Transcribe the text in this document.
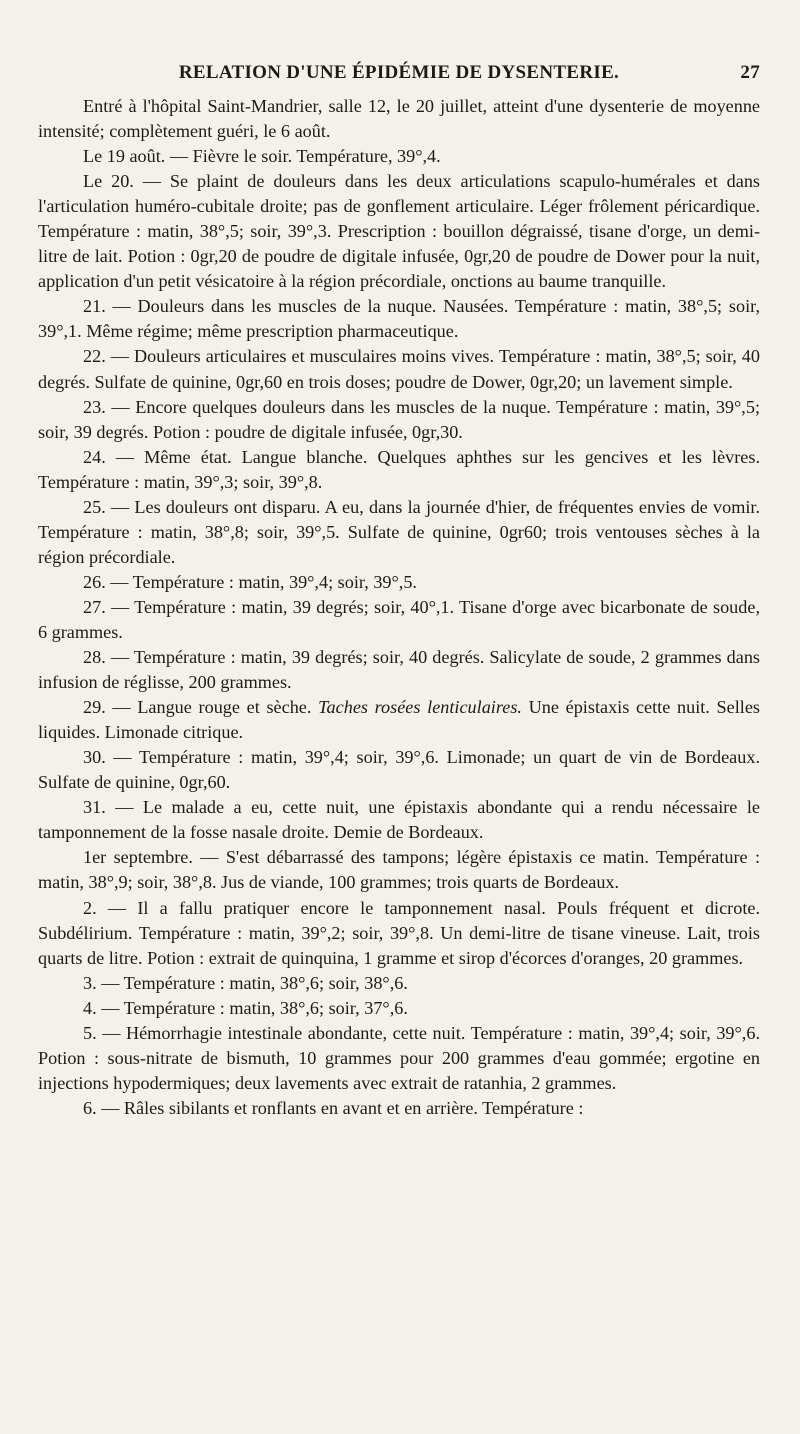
RELATION D'UNE ÉPIDÉMIE DE DYSENTERIE.	27

Entré à l'hôpital Saint-Mandrier, salle 12, le 20 juillet, atteint d'une dysenterie de moyenne intensité; complètement guéri, le 6 août.

Le 19 août. — Fièvre le soir. Température, 39°,4.

Le 20. — Se plaint de douleurs dans les deux articulations scapulo-humérales et dans l'articulation huméro-cubitale droite; pas de gonflement articulaire. Léger frôlement péricardique. Température : matin, 38°,5; soir, 39°,3. Prescription : bouillon dégraissé, tisane d'orge, un demi-litre de lait. Potion : 0gr,20 de poudre de digitale infusée, 0gr,20 de poudre de Dower pour la nuit, application d'un petit vésicatoire à la région précordiale, onctions au baume tranquille.

21. — Douleurs dans les muscles de la nuque. Nausées. Température : matin, 38°,5; soir, 39°,1. Même régime; même prescription pharmaceutique.

22. — Douleurs articulaires et musculaires moins vives. Température : matin, 38°,5; soir, 40 degrés. Sulfate de quinine, 0gr,60 en trois doses; poudre de Dower, 0gr,20; un lavement simple.

23. — Encore quelques douleurs dans les muscles de la nuque. Température : matin, 39°,5; soir, 39 degrés. Potion : poudre de digitale infusée, 0gr,30.

24. — Même état. Langue blanche. Quelques aphthes sur les gencives et les lèvres. Température : matin, 39°,3; soir, 39°,8.

25. — Les douleurs ont disparu. A eu, dans la journée d'hier, de fréquentes envies de vomir. Température : matin, 38°,8; soir, 39°,5. Sulfate de quinine, 0gr60; trois ventouses sèches à la région précordiale.

26. — Température : matin, 39°,4; soir, 39°,5.

27. — Température : matin, 39 degrés; soir, 40°,1. Tisane d'orge avec bicarbonate de soude, 6 grammes.

28. — Température : matin, 39 degrés; soir, 40 degrés. Salicylate de soude, 2 grammes dans infusion de réglisse, 200 grammes.

29. — Langue rouge et sèche. Taches rosées lenticulaires. Une épistaxis cette nuit. Selles liquides. Limonade citrique.

30. — Température : matin, 39°,4; soir, 39°,6. Limonade; un quart de vin de Bordeaux. Sulfate de quinine, 0gr,60.

31. — Le malade a eu, cette nuit, une épistaxis abondante qui a rendu nécessaire le tamponnement de la fosse nasale droite. Demie de Bordeaux.

1er septembre. — S'est débarrassé des tampons; légère épistaxis ce matin. Température : matin, 38°,9; soir, 38°,8. Jus de viande, 100 grammes; trois quarts de Bordeaux.

2. — Il a fallu pratiquer encore le tamponnement nasal. Pouls fréquent et dicrote. Subdélirium. Température : matin, 39°,2; soir, 39°,8. Un demi-litre de tisane vineuse. Lait, trois quarts de litre. Potion : extrait de quinquina, 1 gramme et sirop d'écorces d'oranges, 20 grammes.

3. — Température : matin, 38°,6; soir, 38°,6.

4. — Température : matin, 38°,6; soir, 37°,6.

5. — Hémorrhagie intestinale abondante, cette nuit. Température : matin, 39°,4; soir, 39°,6. Potion : sous-nitrate de bismuth, 10 grammes pour 200 grammes d'eau gommée; ergotine en injections hypodermiques; deux lavements avec extrait de ratanhia, 2 grammes.

6. — Râles sibilants et ronflants en avant et en arrière. Température :
